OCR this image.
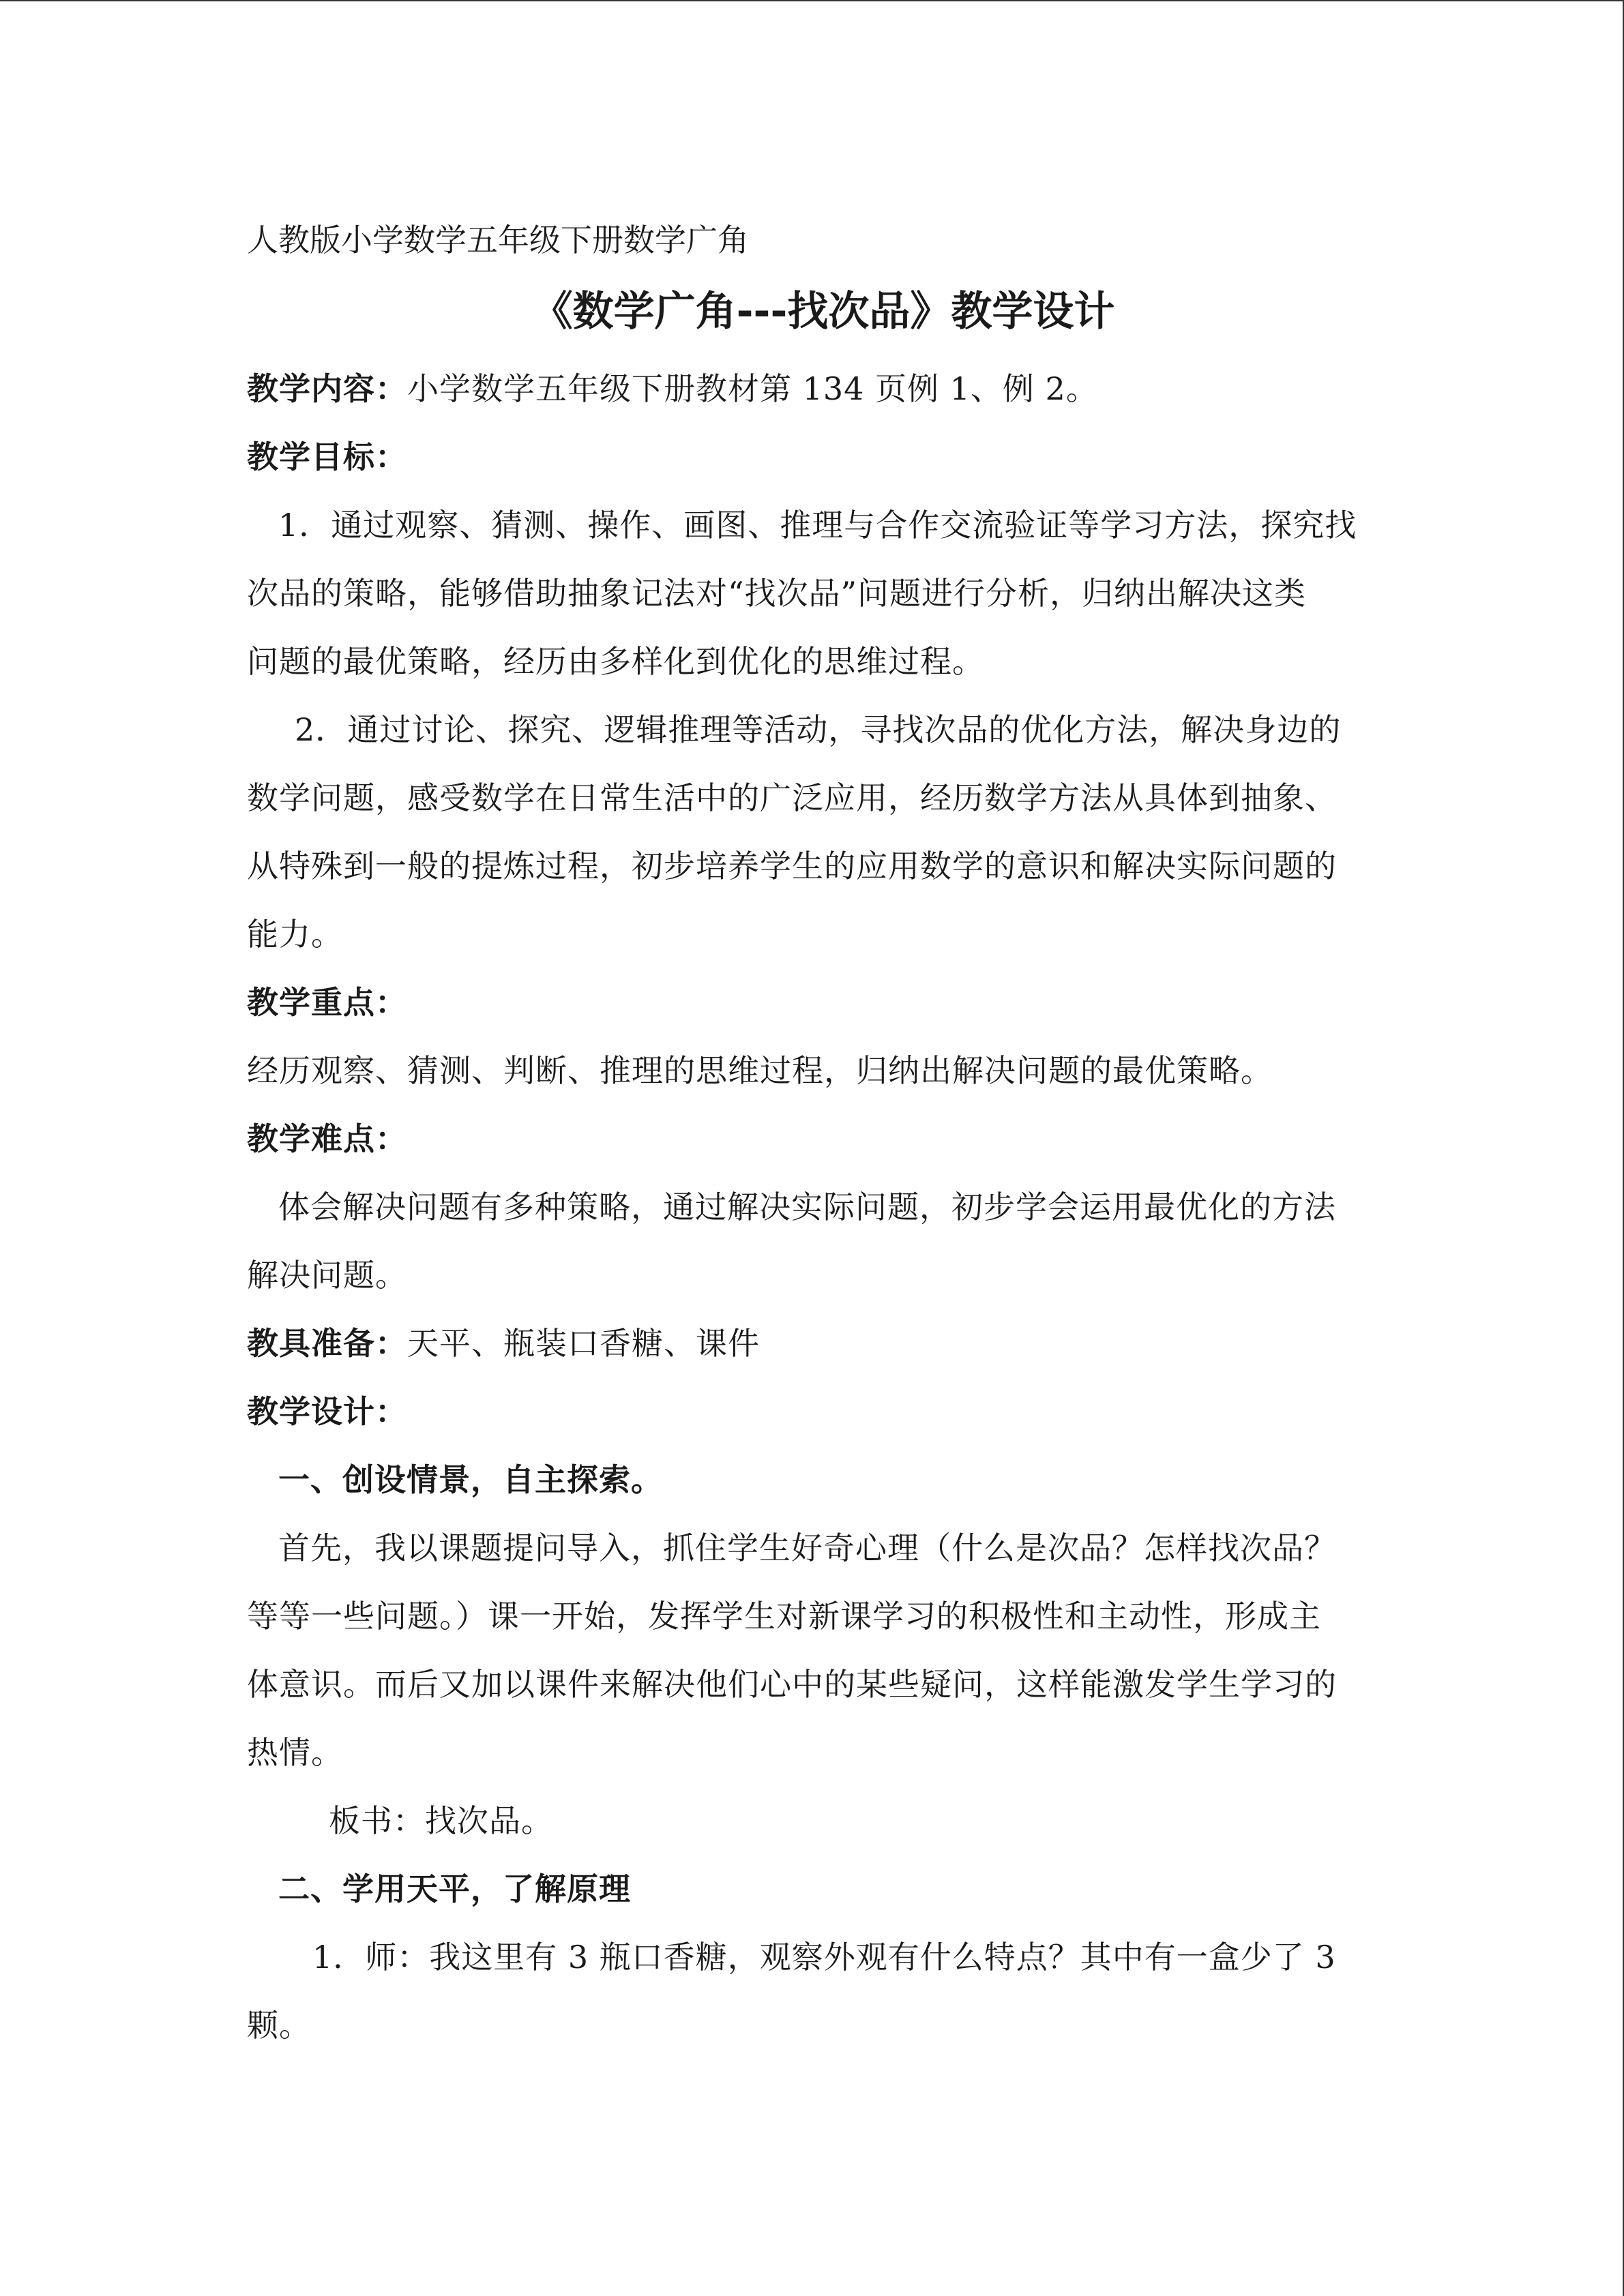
人教版小学数学五年级下册数学广角
《数学广角---找次品》教学设计
教学内容：小学数学五年级下册教材第 134 页例 1、例 2。
教学目标：
1．通过观察、猜测、操作、画图、推理与合作交流验证等学习方法，探究找
次品的策略，能够借助抽象记法对“找次品”问题进行分析，归纳出解决这类
问题的最优策略，经历由多样化到优化的思维过程。
2．通过讨论、探究、逻辑推理等活动，寻找次品的优化方法，解决身边的
数学问题，感受数学在日常生活中的广泛应用，经历数学方法从具体到抽象、
从特殊到一般的提炼过程，初步培养学生的应用数学的意识和解决实际问题的
能力。
教学重点：
经历观察、猜测、判断、推理的思维过程，归纳出解决问题的最优策略。
教学难点：
体会解决问题有多种策略，通过解决实际问题，初步学会运用最优化的方法
解决问题。
教具准备：天平、瓶装口香糖、课件
教学设计：
一、创设情景，自主探索。
首先，我以课题提问导入，抓住学生好奇心理（什么是次品？怎样找次品？
等等一些问题。）课一开始，发挥学生对新课学习的积极性和主动性，形成主
体意识。而后又加以课件来解决他们心中的某些疑问，这样能激发学生学习的
热情。
板书：找次品。
二、学用天平，了解原理
1．师：我这里有 3 瓶口香糖，观察外观有什么特点？其中有一盒少了 3
颗。
